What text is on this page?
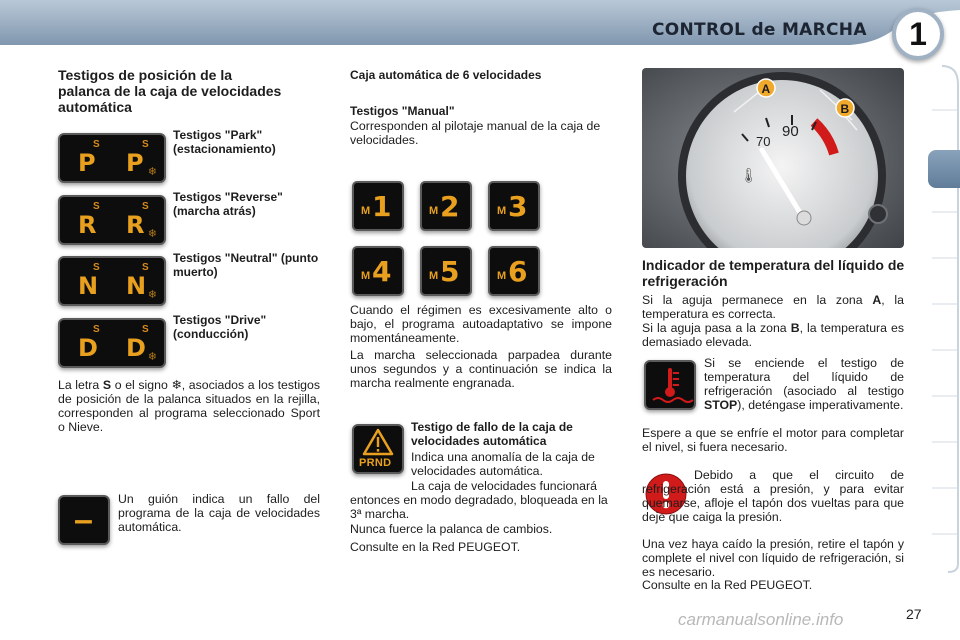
CONTROL de MARCHA	1
Testigos de posición de la palanca de la caja de velocidades automática
S	S
P P ❄
Testigos "Park" (estacionamiento)
S	S
R R ❄
Testigos "Reverse" (marcha atrás)
S	S
N N ❄
Testigos "Neutral" (punto muerto)
S	S
D D ❄
Testigos "Drive" (conducción)
La letra S o el signo ❄, asociados a los testigos de posición de la palanca situados en la rejilla, corresponden al programa seleccionado Sport o Nieve.
–
Un guión indica un fallo del programa de la caja de velocidades automática.
Caja automática de 6 velocidades
Testigos "Manual"
Corresponden al pilotaje manual de la caja de velocidades.
M 1	M 2	M 3
M 4	M 5	M 6
Cuando el régimen es excesivamente alto o bajo, el programa autoadaptativo se impone momentáneamente.
La marcha seleccionada parpadea durante unos segundos y a continuación se indica la marcha realmente engranada.
PRND
Testigo de fallo de la caja de velocidades automática
Indica una anomalía de la caja de velocidades automática.
La caja de velocidades funcionará entonces en modo degradado, bloqueada en la 3ª marcha.
Nunca fuerce la palanca de cambios.
Consulte en la Red PEUGEOT.
70
90
🌡
A
B
Indicador de temperatura del líquido de refrigeración
Si la aguja permanece en la zona A, la temperatura es correcta.
Si la aguja pasa a la zona B, la temperatura es demasiado elevada.
Si se enciende el testigo de temperatura del líquido de refrigeración (asociado al testigo STOP), deténgase imperativamente.
Espere a que se enfríe el motor para completar el nivel, si fuera necesario.
Debido a que el circuito de refrigeración está a presión, y para evitar quemarse, afloje el tapón dos vueltas para que deje que caiga la presión.
Una vez haya caído la presión, retire el tapón y complete el nivel con líquido de refrigeración, si es necesario.
Consulte en la Red PEUGEOT.
carmanualsonline.info	27
